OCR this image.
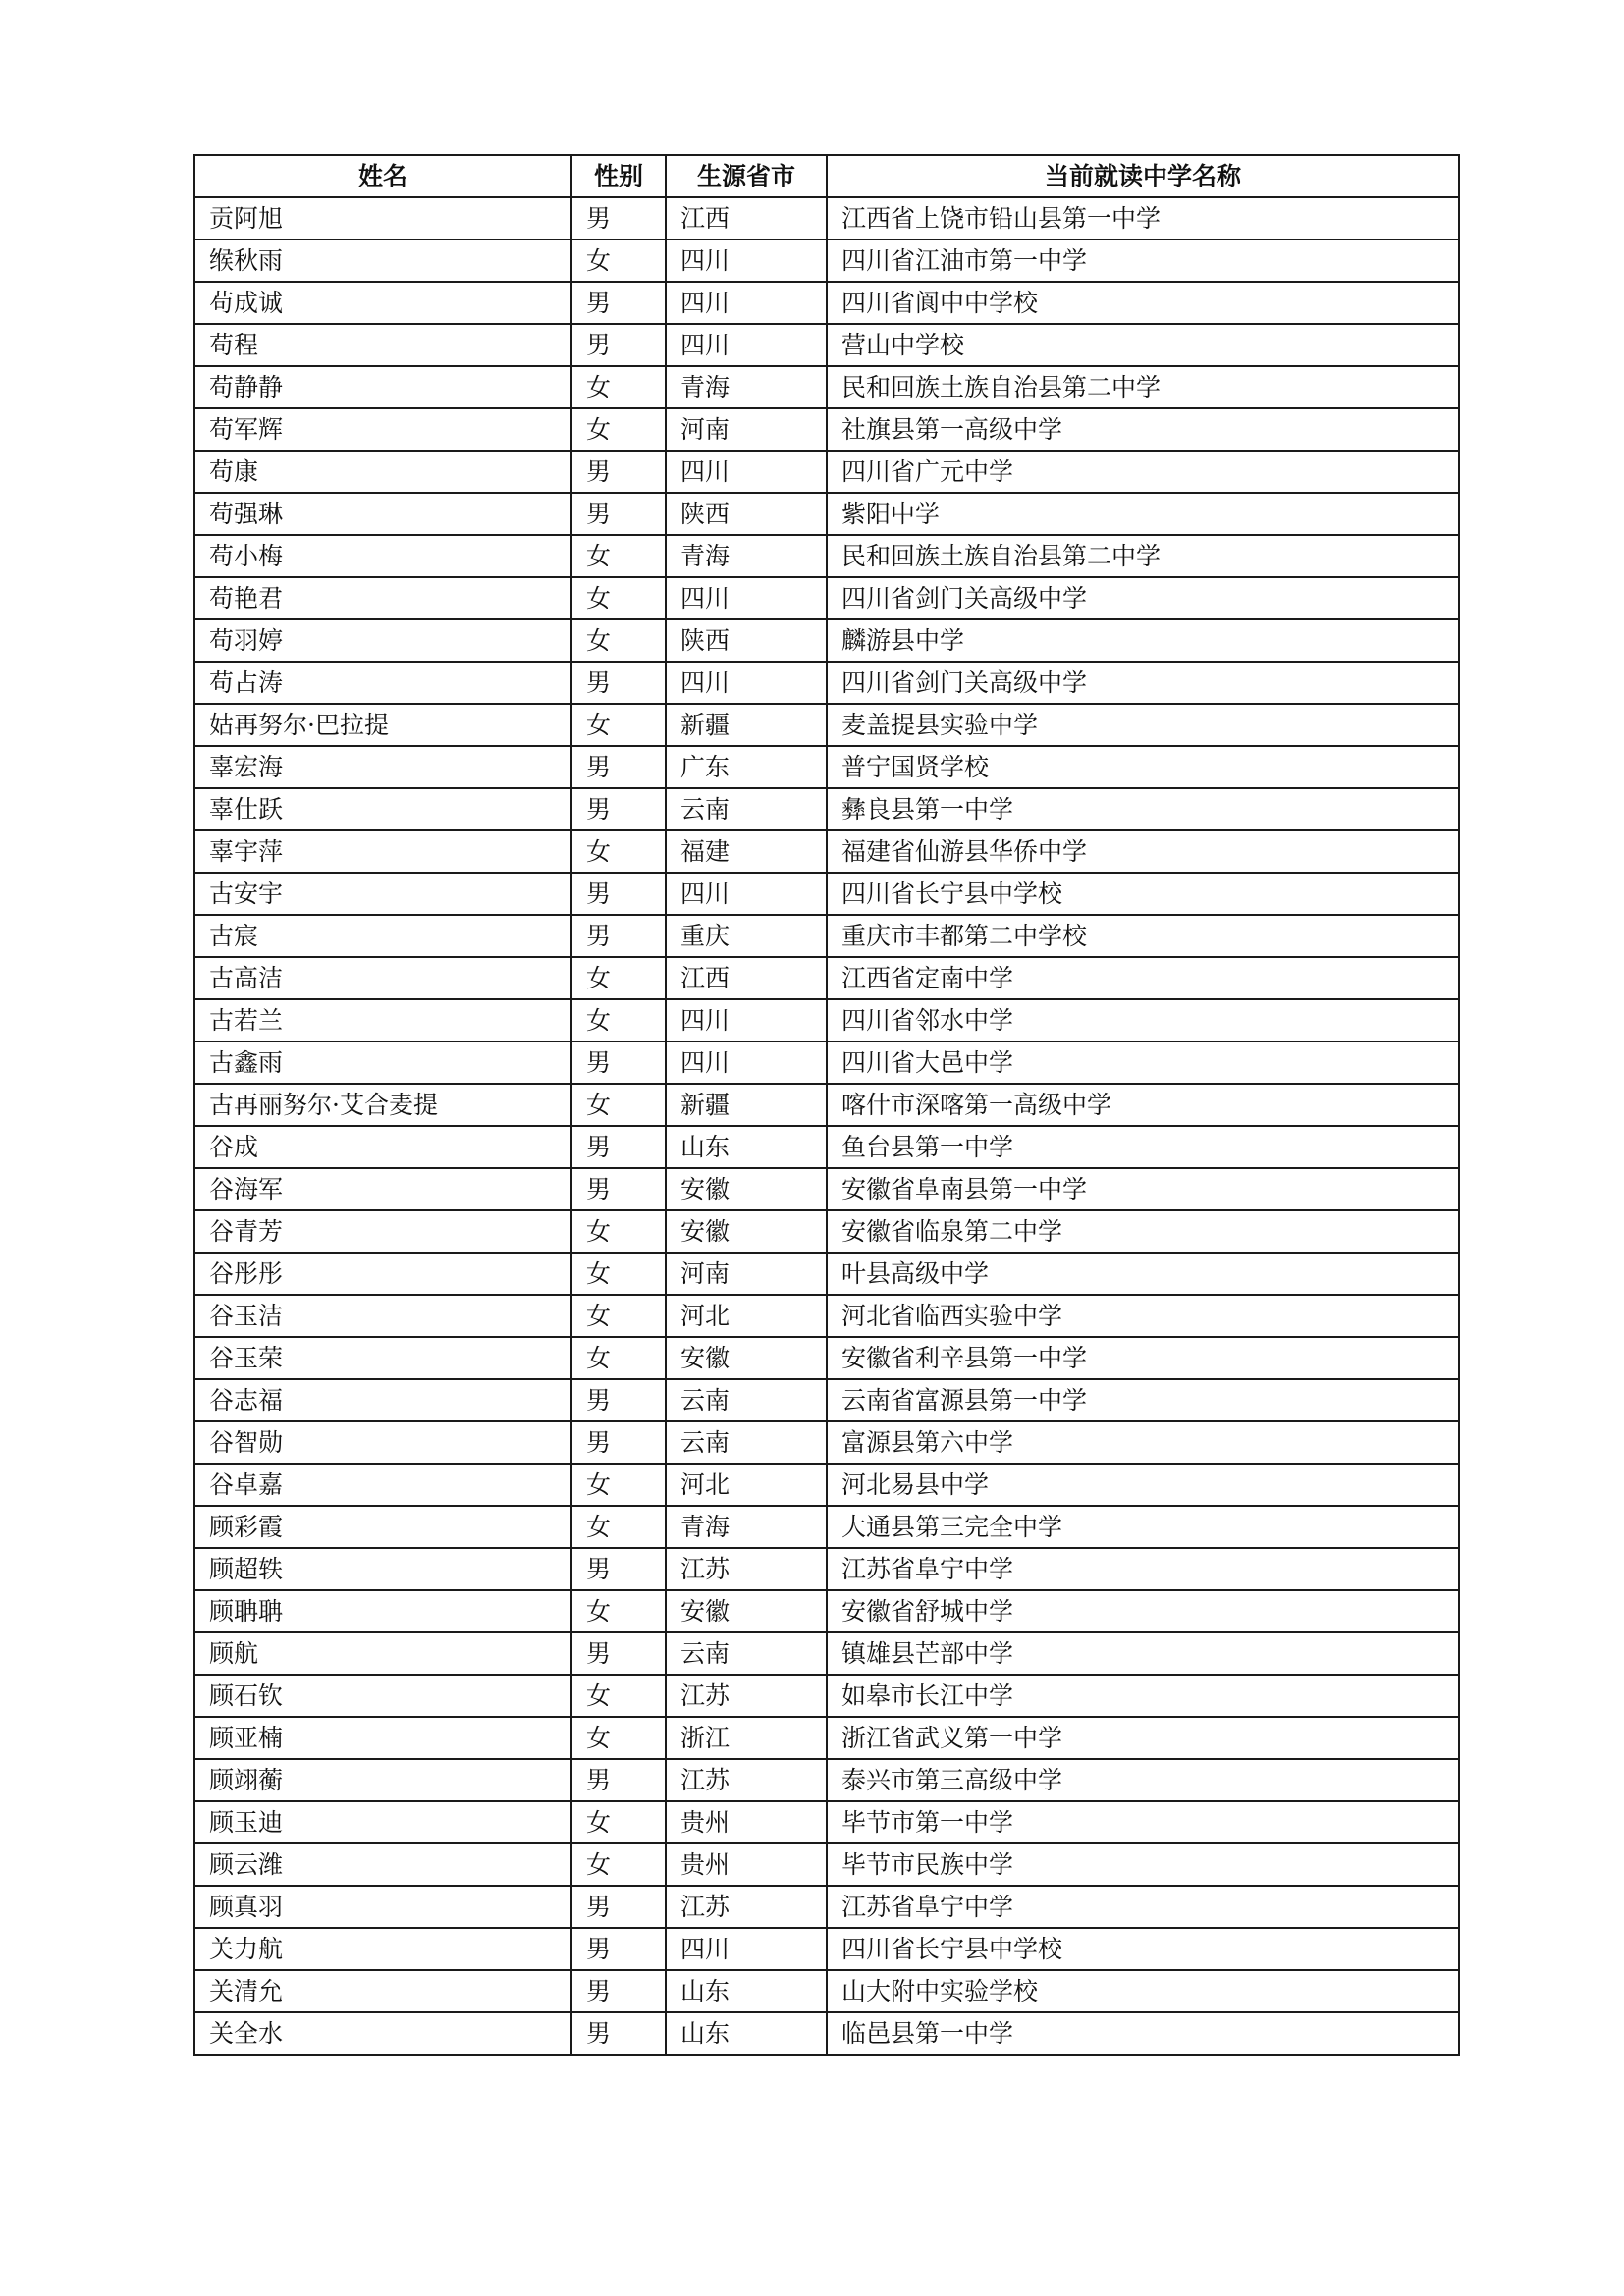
姓名	性别	生源省市	当前就读中学名称
贡阿旭	男	江西	江西省上饶市铅山县第一中学
缑秋雨	女	四川	四川省江油市第一中学
苟成诚	男	四川	四川省阆中中学校
苟程	男	四川	营山中学校
苟静静	女	青海	民和回族土族自治县第二中学
苟军辉	女	河南	社旗县第一高级中学
苟康	男	四川	四川省广元中学
苟强琳	男	陕西	紫阳中学
苟小梅	女	青海	民和回族土族自治县第二中学
苟艳君	女	四川	四川省剑门关高级中学
苟羽婷	女	陕西	麟游县中学
苟占涛	男	四川	四川省剑门关高级中学
姑再努尔·巴拉提	女	新疆	麦盖提县实验中学
辜宏海	男	广东	普宁国贤学校
辜仕跃	男	云南	彝良县第一中学
辜宇萍	女	福建	福建省仙游县华侨中学
古安宇	男	四川	四川省长宁县中学校
古宸	男	重庆	重庆市丰都第二中学校
古高洁	女	江西	江西省定南中学
古若兰	女	四川	四川省邻水中学
古鑫雨	男	四川	四川省大邑中学
古再丽努尔·艾合麦提	女	新疆	喀什市深喀第一高级中学
谷成	男	山东	鱼台县第一中学
谷海军	男	安徽	安徽省阜南县第一中学
谷青芳	女	安徽	安徽省临泉第二中学
谷彤彤	女	河南	叶县高级中学
谷玉洁	女	河北	河北省临西实验中学
谷玉荣	女	安徽	安徽省利辛县第一中学
谷志福	男	云南	云南省富源县第一中学
谷智勋	男	云南	富源县第六中学
谷卓嘉	女	河北	河北易县中学
顾彩霞	女	青海	大通县第三完全中学
顾超轶	男	江苏	江苏省阜宁中学
顾聃聃	女	安徽	安徽省舒城中学
顾航	男	云南	镇雄县芒部中学
顾石钦	女	江苏	如皋市长江中学
顾亚楠	女	浙江	浙江省武义第一中学
顾翊蘅	男	江苏	泰兴市第三高级中学
顾玉迪	女	贵州	毕节市第一中学
顾云潍	女	贵州	毕节市民族中学
顾真羽	男	江苏	江苏省阜宁中学
关力航	男	四川	四川省长宁县中学校
关清允	男	山东	山大附中实验学校
关全水	男	山东	临邑县第一中学
